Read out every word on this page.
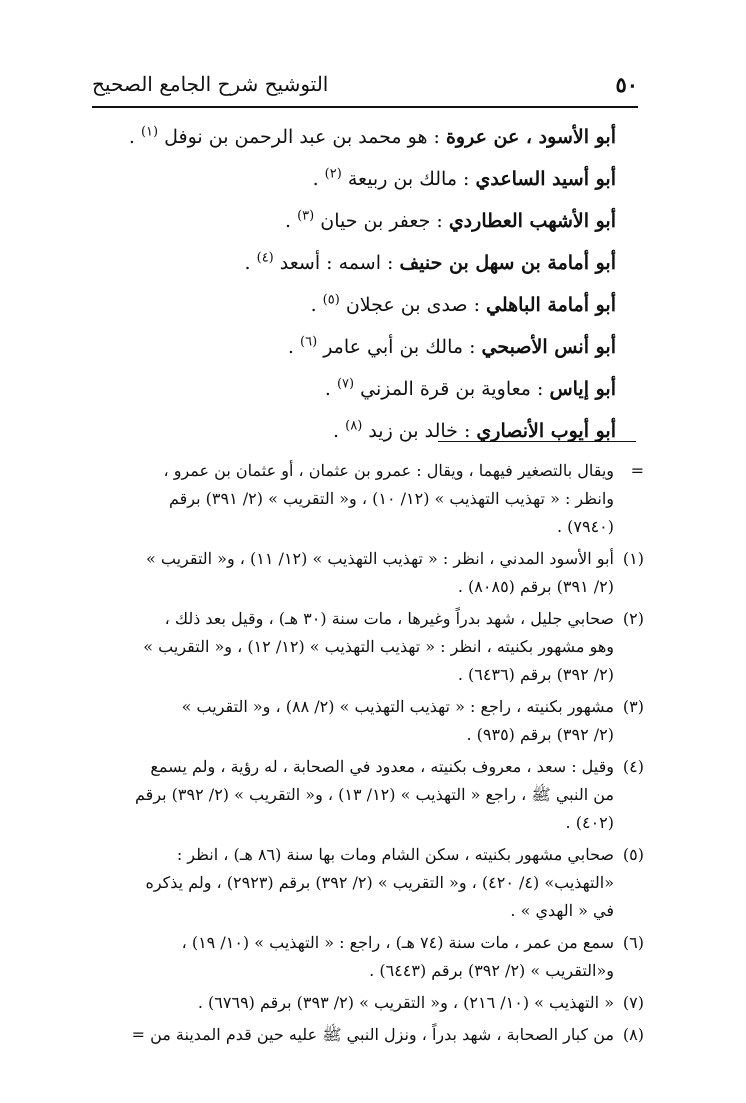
٥٠
التوشيح شرح الجامع الصحيح
أبو الأسود ، عن عروة : هو محمد بن عبد الرحمن بن نوفل $^{(١)}$ .
أبو أسيد الساعدي : مالك بن ربيعة $^{(٢)}$ .
أبو الأشهب العطاردي : جعفر بن حيان $^{(٣)}$ .
أبو أمامة بن سهل بن حنيف : اسمه : أسعد $^{(٤)}$ .
أبو أمامة الباهلي : صدى بن عجلان $^{(٥)}$ .
أبو أنس الأصبحي : مالك بن أبي عامر $^{(٦)}$ .
أبو إياس : معاوية بن قرة المزني $^{(٧)}$ .
أبو أيوب الأنصاري : خالد بن زيد $^{(٨)}$ .
=
ويقال بالتصغير فيهما ، ويقال : عمرو بن عثمان ، أو عثمان بن عمرو ،
وانظر : « تهذيب التهذيب » (١٢/ ١٠) ، و« التقريب » (٢/ ٣٩١) برقم
(٧٩٤٠) .
(١)
أبو الأسود المدني ، انظر : « تهذيب التهذيب » (١٢/ ١١) ، و« التقريب »
(٢/ ٣٩١) برقم (٨٠٨٥) .
(٢)
صحابي جليل ، شهد بدراً وغيرها ، مات سنة (٣٠ هـ) ، وقيل بعد ذلك ،
وهو مشهور بكنيته ، انظر : « تهذيب التهذيب » (١٢/ ١٢) ، و« التقريب »
(٢/ ٣٩٢) برقم (٦٤٣٦) .
(٣)
مشهور بكنيته ، راجع : « تهذيب التهذيب » (٢/ ٨٨) ، و« التقريب »
(٢/ ٣٩٢) برقم (٩٣٥) .
(٤)
وقيل : سعد ، معروف بكنيته ، معدود في الصحابة ، له رؤية ، ولم يسمع
من النبي ﷺ ، راجع « التهذيب » (١٢/ ١٣) ، و« التقريب » (٢/ ٣٩٢) برقم
(٤٠٢) .
(٥)
صحابي مشهور بكنيته ، سكن الشام ومات بها سنة (٨٦ هـ) ، انظر :
«التهذيب» (٤/ ٤٢٠) ، و« التقريب » (٢/ ٣٩٢) برقم (٢٩٢٣) ، ولم يذكره
في « الهدي » .
(٦)
سمع من عمر ، مات سنة (٧٤ هـ) ، راجع : « التهذيب » (١٠/ ١٩) ،
و«التقريب » (٢/ ٣٩٢) برقم (٦٤٤٣) .
(٧)
« التهذيب » (١٠/ ٢١٦) ، و« التقريب » (٢/ ٣٩٣) برقم (٦٧٦٩) .
(٨)
من كبار الصحابة ، شهد بدراً ، ونزل النبي ﷺ عليه حين قدم المدينة من =
